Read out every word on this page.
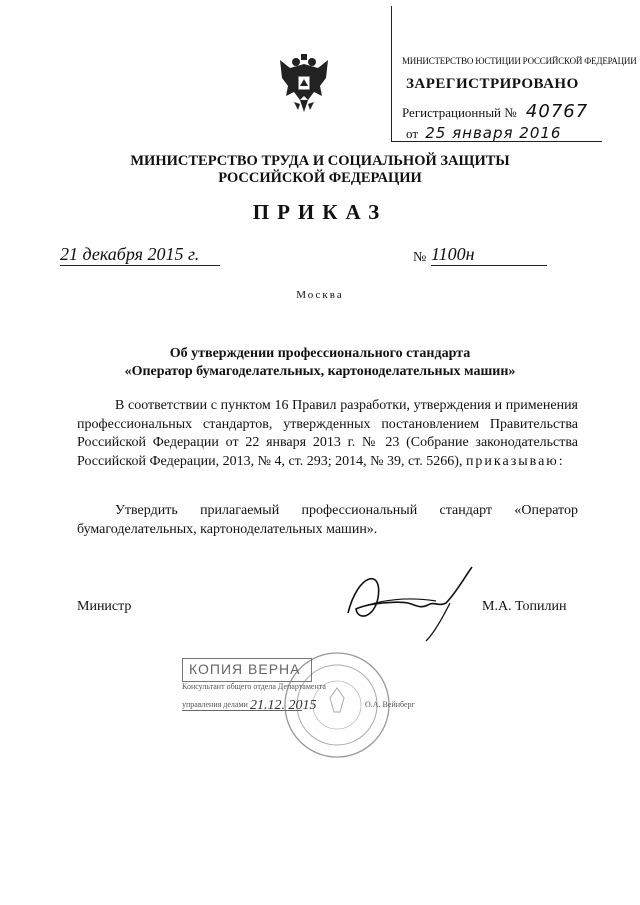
МИНИСТЕРСТВО ЮСТИЦИИ РОССИЙСКОЙ ФЕДЕРАЦИИ
ЗАРЕГИСТРИРОВАНО
Регистрационный № 40767
от 25 января 2016
МИНИСТЕРСТВО ТРУДА И СОЦИАЛЬНОЙ ЗАЩИТЫ
РОССИЙСКОЙ ФЕДЕРАЦИИ
ПРИКАЗ
21 декабря 2015 г.	№ 1100н
Москва
Об утверждении профессионального стандарта
«Оператор бумагоделательных, картоноделательных машин»

В соответствии с пунктом 16 Правил разработки, утверждения и применения профессиональных стандартов, утвержденных постановлением Правительства Российской Федерации от 22 января 2013 г. № 23 (Собрание законодательства Российской Федерации, 2013, № 4, ст. 293; 2014, № 39, ст. 5266), приказываю:

Утвердить прилагаемый профессиональный стандарт «Оператор бумагоделательных, картоноделательных машин».

Министр	М.А. Топилин
КОПИЯ ВЕРНА
Консультант общего отдела Департамента
управления делами 21.12. 2015	О.А. Вейнберг
